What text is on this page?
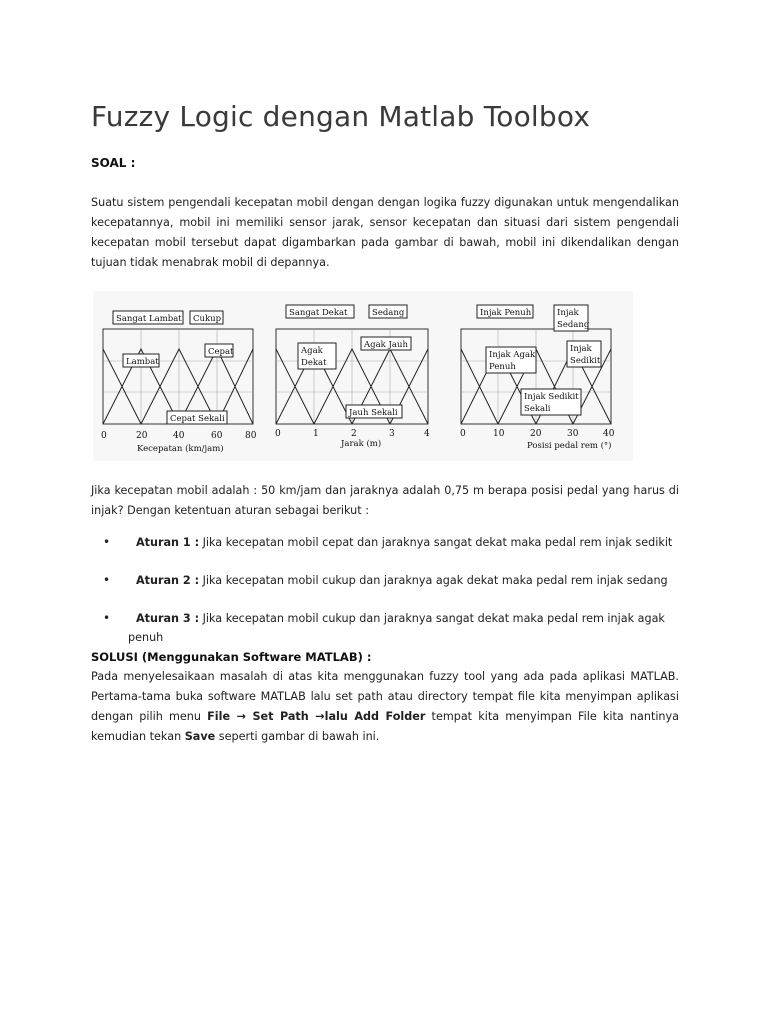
Fuzzy Logic dengan Matlab Toolbox

SOAL :

Suatu sistem pengendali kecepatan mobil dengan dengan logika fuzzy digunakan untuk mengendalikan kecepatannya, mobil ini memiliki sensor jarak, sensor kecepatan dan situasi dari sistem pengendali kecepatan mobil tersebut dapat digambarkan pada gambar di bawah, mobil ini dikendalikan dengan tujuan tidak menabrak mobil di depannya.

Sangat Lambat Cukup
Lambat
Cepat
Cepat Sekali
0	20	40	60	80
Kecepatan (km/jam)
Sangat Dekat	Sedang
Agak
Dekat
Agak Jauh
Jauh Sekali
0	1	2	3	4
Jarak (m)
Injak Penuh	Injak
Sedang
Injak Agak
Penuh
Injak
Sedikit
Injak Sedikit
Sekali
0	10	20	30	40
Posisi pedal rem (°)

Jika kecepatan mobil adalah : 50 km/jam dan jaraknya adalah 0,75 m berapa posisi pedal yang harus di injak? Dengan ketentuan aturan sebagai berikut :

• Aturan 1 : Jika kecepatan mobil cepat dan jaraknya sangat dekat maka pedal rem injak sedikit
• Aturan 2 : Jika kecepatan mobil cukup dan jaraknya agak dekat maka pedal rem injak sedang
• Aturan 3 : Jika kecepatan mobil cukup dan jaraknya sangat dekat maka pedal rem injak agak penuh

SOLUSI (Menggunakan Software MATLAB) :

Pada menyelesaikaan masalah di atas kita menggunakan fuzzy tool yang ada pada aplikasi MATLAB. Pertama-tama buka software MATLAB lalu set path atau directory tempat file kita menyimpan aplikasi dengan pilih menu File → Set Path →lalu Add Folder tempat kita menyimpan File kita nantinya kemudian tekan Save seperti gambar di bawah ini.
